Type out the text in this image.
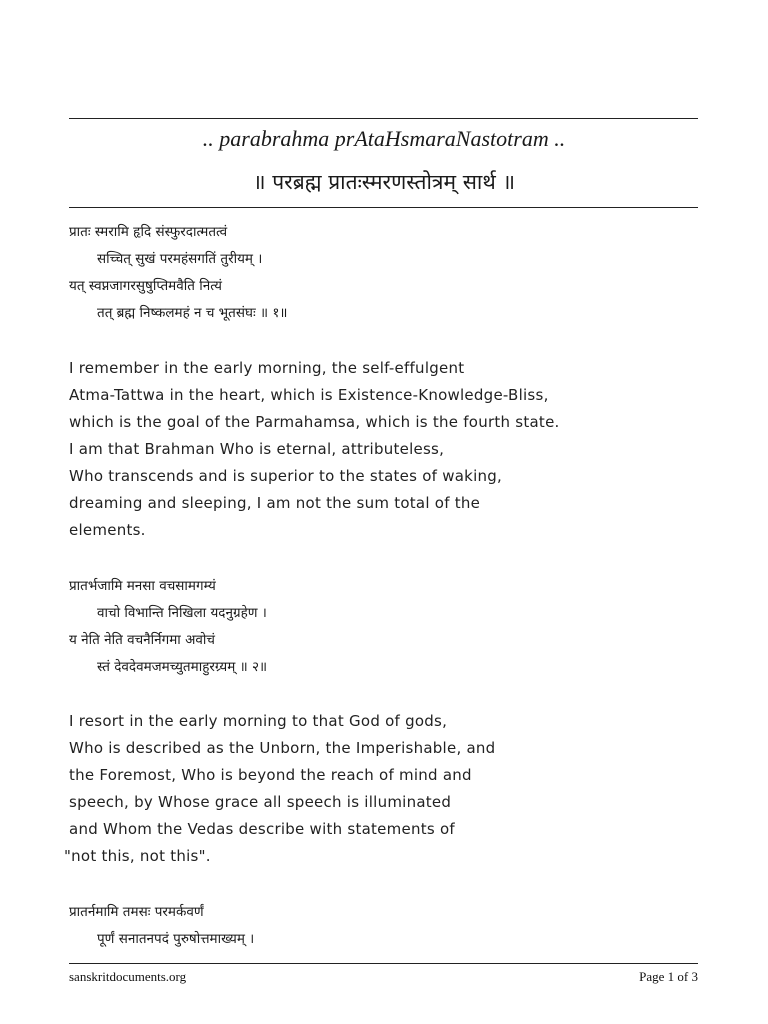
.. parabrahma prAtaHsmaraNastotram ..
॥ परब्रह्म प्रातःस्मरणस्तोत्रम् सार्थ ॥
प्रातः स्मरामि हृदि संस्फुरदात्मतत्वं
सच्चित् सुखं परमहंसगतिं तुरीयम् ।
यत् स्वप्नजागरसुषुप्तिमवैति नित्यं
तत् ब्रह्म निष्कलमहं न च भूतसंघः ॥ १॥
I remember in the early morning, the self-effulgent
Atma-Tattwa in the heart, which is Existence-Knowledge-Bliss,
which is the goal of the Parmahamsa, which is the fourth state.
I am that Brahman Who is eternal, attributeless,
Who transcends and is superior to the states of waking,
dreaming and sleeping, I am not the sum total of the
elements.
प्रातर्भजामि मनसा वचसामगम्यं
वाचो विभान्ति निखिला यदनुग्रहेण ।
य नेति नेति वचनैर्निगमा अवोचं
स्तं देवदेवमजमच्युतमाहुरग्र्यम् ॥ २॥
I resort in the early morning to that God of gods,
Who is described as the Unborn, the Imperishable, and
the Foremost, Who is beyond the reach of mind and
speech, by Whose grace all speech is illuminated
and Whom the Vedas describe with statements of
"not this, not this".
प्रातर्नमामि तमसः परमर्कवर्णं
पूर्णं सनातनपदं पुरुषोत्तमाख्यम् ।
sanskritdocuments.org	Page 1 of 3
